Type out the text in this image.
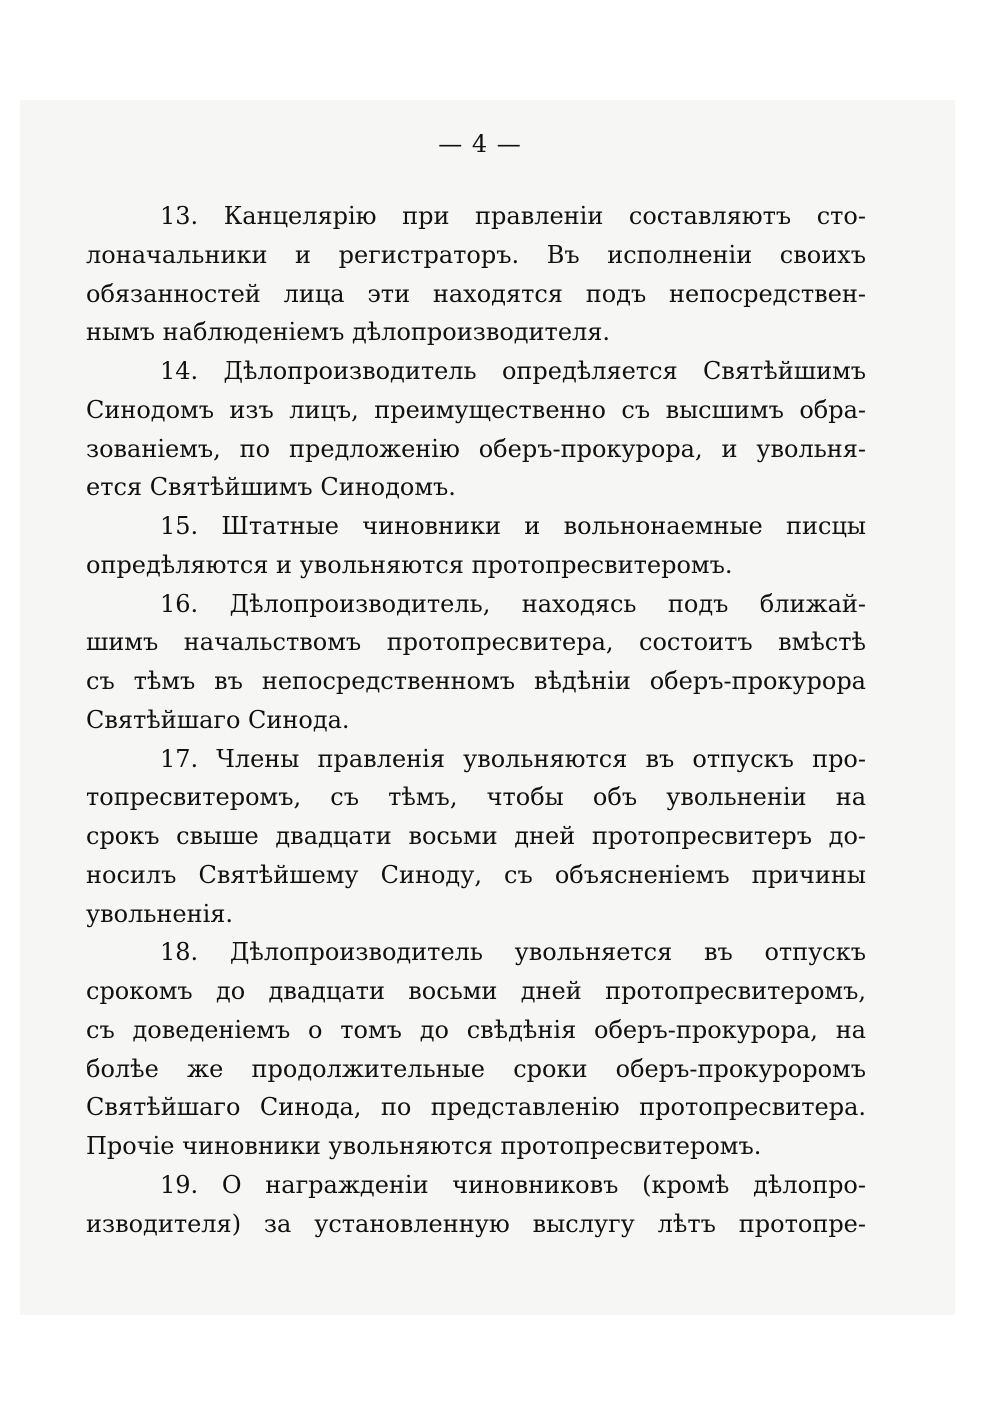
— 4 —
13. Канцелярію при правленіи составляютъ сто-
лоначальники и регистраторъ. Въ исполненіи своихъ
обязанностей лица эти находятся подъ непосредствен-
нымъ наблюденіемъ дѣлопроизводителя.
14. Дѣлопроизводитель опредѣляется Святѣйшимъ
Синодомъ изъ лицъ, преимущественно съ высшимъ обра-
зованіемъ, по предложенію оберъ-прокурора, и увольня-
ется Святѣйшимъ Синодомъ.
15. Штатные чиновники и вольнонаемные писцы
опредѣляются и увольняются протопресвитеромъ.
16. Дѣлопроизводитель, находясь подъ ближай-
шимъ начальствомъ протопресвитера, состоитъ вмѣстѣ
съ тѣмъ въ непосредственномъ вѣдѣніи оберъ-прокурора
Святѣйшаго Синода.
17. Члены правленія увольняются въ отпускъ про-
топресвитеромъ, съ тѣмъ, чтобы объ увольненіи на
срокъ свыше двадцати восьми дней протопресвитеръ до-
носилъ Святѣйшему Синоду, съ объясненіемъ причины
увольненія.
18. Дѣлопроизводитель увольняется въ отпускъ
срокомъ до двадцати восьми дней протопресвитеромъ,
съ доведеніемъ о томъ до свѣдѣнія оберъ-прокурора, на
болѣе же продолжительные сроки оберъ-прокуроромъ
Святѣйшаго Синода, по представленію протопресвитера.
Прочіе чиновники увольняются протопресвитеромъ.
19. О награжденіи чиновниковъ (кромѣ дѣлопро-
изводителя) за установленную выслугу лѣтъ протопре-
